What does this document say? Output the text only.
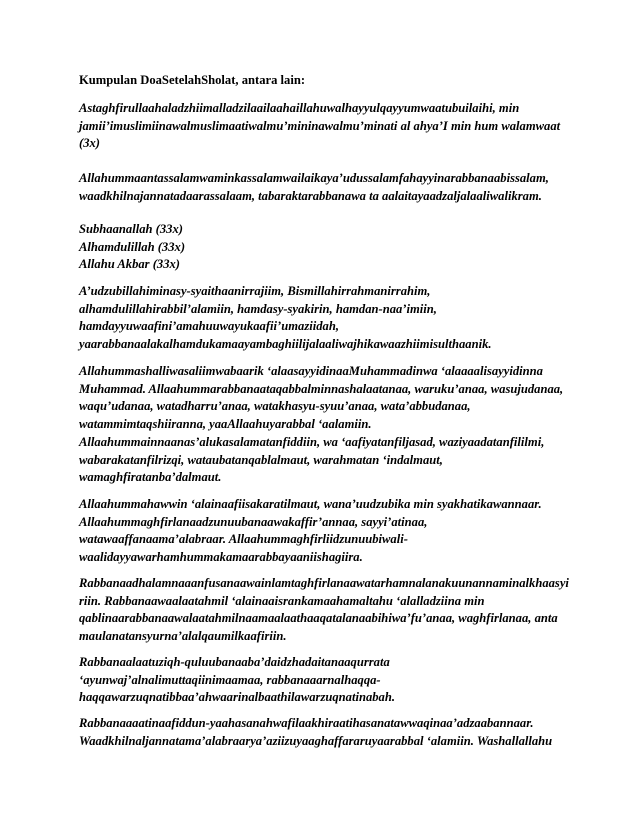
Kumpulan DoaSetelahSholat, antara lain:
Astaghfirullaahaladzhiimalladzilaailaahaillahuwalhayyulqayyumwaatubuilaihi, min
jamii’imuslimiinawalmuslimaatiwalmu’mininawalmu’minati al ahya’I min hum walamwaat
(3x)
Allahummaantassalamwaminkassalamwailaikaya’udussalamfahayyinarabbanaabissalam,
waadkhilnajannatadaarassalaam, tabaraktarabbanawa ta aalaitayaadzaljalaaliwalikram.
Subhaanallah (33x)
Alhamdulillah (33x)
Allahu Akbar (33x)
A’udzubillahiminasy-syaithaanirrajiim, Bismillahirrahmanirrahim,
alhamdulillahirabbil’alamiin, hamdasy-syakirin, hamdan-naa’imiin,
hamdayyuwaafini’amahuuwayukaafii’umaziidah,
yaarabbanaalakalhamdukamaayambaghiilijalaaliwajhikawaazhiimisulthaanik.
Allahummashalliwasaliimwabaarik ‘alaasayyidinaaMuhammadinwa ‘alaaaalisayyidinna
Muhammad. Allaahummarabbanaataqabbalminnashalaatanaa, waruku’anaa, wasujudanaa,
waqu’udanaa, watadharru’anaa, watakhasyu-syuu’anaa, wata’abbudanaa,
watammimtaqshiiranna, yaaAllaahuyarabbal ‘aalamiin.
Allaahummainnaanas’alukasalamatanfiddiin, wa ‘aafiyatanfiljasad, waziyaadatanfililmi,
wabarakatanfilrizqi, wataubatanqablalmaut, warahmatan ‘indalmaut,
wamaghfiratanba’dalmaut.
Allaahummahawwin ‘alainaafiisakaratilmaut, wana’uudzubika min syakhatikawannaar.
Allaahummaghfirlanaadzunuubanaawakaffir’annaa, sayyi’atinaa,
watawaaffanaama’alabraar. Allaahummaghfirliidzunuubiwali-
waalidayyawarhamhummakamaarabbayaaniishagiira.
Rabbanaadhalamnaaanfusanaawainlamtaghfirlanaawatarhamnalanakuunannaminalkhaasyi
riin. Rabbanaawaalaatahmil ‘alainaaisrankamaahamaltahu ‘alalladziina min
qablinaarabbanaawalaatahmilnaamaalaathaaqatalanaabihiwa’fu’anaa, waghfirlanaa, anta
maulanatansyurna’alalqaumilkaafiriin.
Rabbanaalaatuziqh-quluubanaaba’daidzhadaitanaaqurrata
‘ayunwaj’alnalimuttaqiinimaamaa, rabbanaaarnalhaqqa-
haqqawarzuqnatibbaa’ahwaarinalbaathilawarzuqnatinabah.
Rabbanaaaatinaafiddun-yaahasanahwafilaakhiraatihasanatawwaqinaa’adzaabannaar.
Waadkhilnaljannatama’alabraarya’aziizuyaaghaffararuyaarabbal ‘alamiin. Washallallahu
